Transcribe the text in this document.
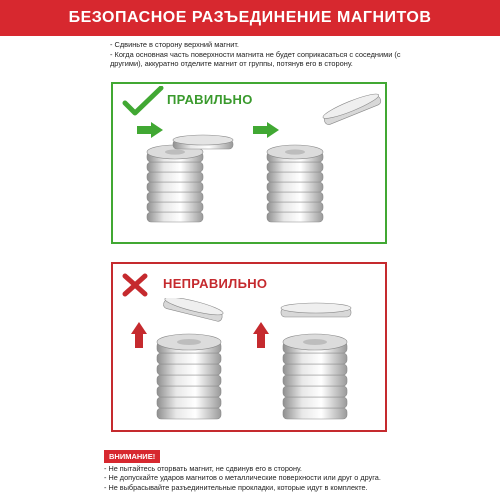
БЕЗОПАСНОЕ РАЗЪЕДИНЕНИЕ МАГНИТОВ
- Сдвиньте в сторону верхний магнит.
- Когда основная часть поверхности магнита не будет соприкасаться с соседними (с другими), аккуратно отделите магнит от группы, потянув его в сторону.
ПРАВИЛЬНО
НЕПРАВИЛЬНО
ВНИМАНИЕ!
- Не пытайтесь оторвать магнит, не сдвинув его в сторону.
- Не допускайте ударов магнитов о металлические поверхности или друг о друга.
- Не выбрасывайте разъединительные прокладки, которые идут в комплекте.
